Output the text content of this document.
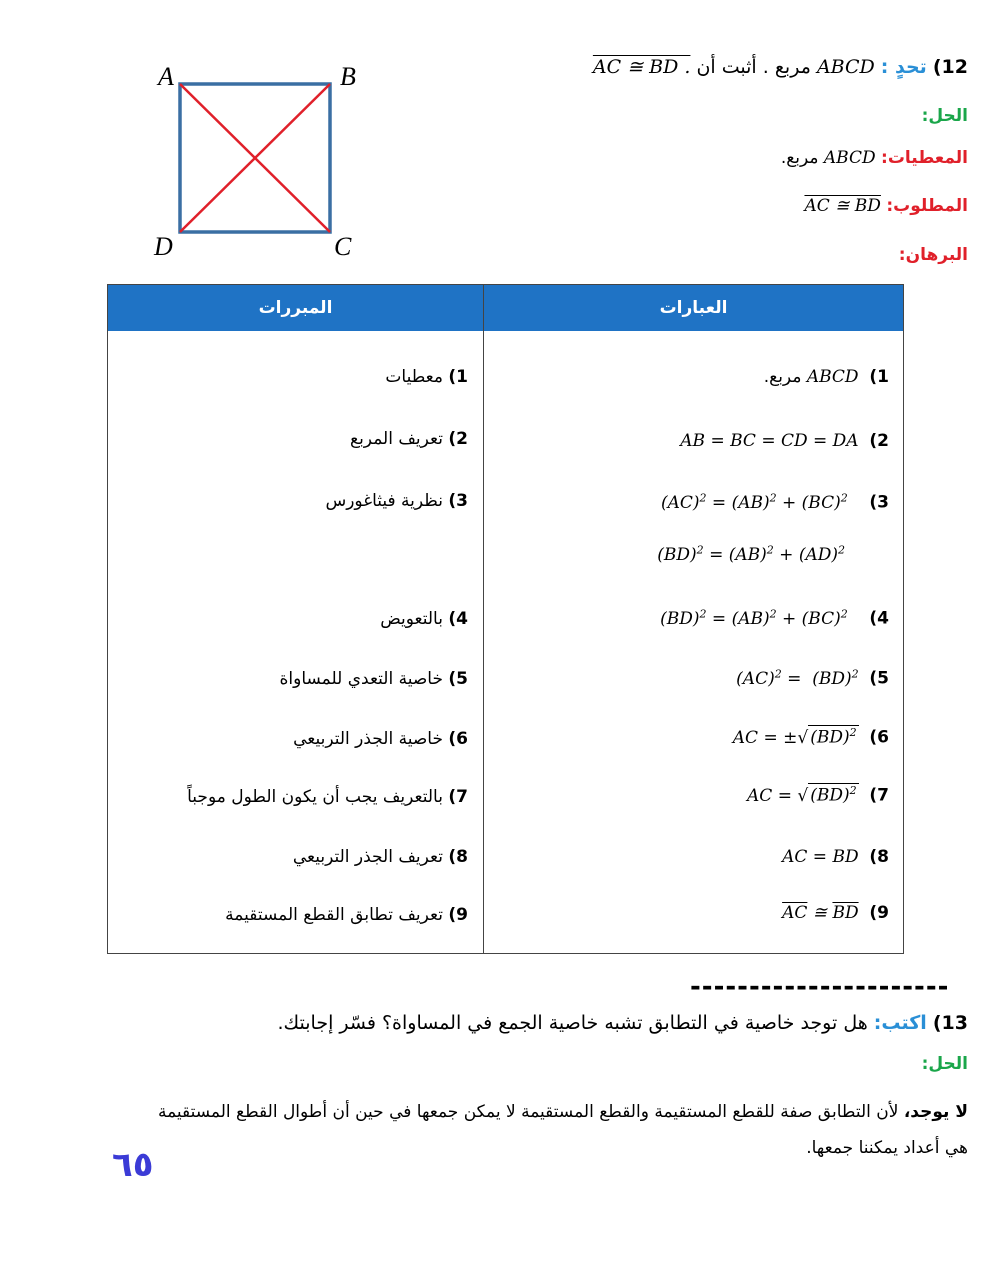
A	B
C
D
12) تحدٍ : ABCD مربع . أثبت أن AC ≅ BD .
الحل:
المعطيات: ABCD مربع.
المطلوب: AC ≅ BD
البرهان:
المبررات	العبارات
1)  ABCD مربع.
1) معطيات
AB = BC = CD = DA (2
2) تعريف المربع
(AC)$^2$ = (AB)$^2$ + (BC)$^2$ (3
(BD)$^2$ = (AB)$^2$ + (AD)$^2$
3) نظرية فيثاغورس
(BD)$^2$ = (AB)$^2$ + (BC)$^2$ (4
4) بالتعويض
(AC)$^2$ =  (BD)$^2$ (5
5) خاصية التعدي للمساواة
AC = ±√ (BD)$^2$ (6
6) خاصية الجذر التربيعي
AC = √ (BD)$^2$ (7
7) بالتعريف يجب أن يكون الطول موجباً
AC = BD (8
8) تعريف الجذر التربيعي
$\overline{AC}$ ≅ $\overline{BD}$ (9
9) تعريف تطابق القطع المستقيمة
----------------------
13) اكتب: هل توجد خاصية في التطابق تشبه خاصية الجمع في المساواة؟ فسّر إجابتك.
الحل:
لا يوجد، لأن التطابق صفة للقطع المستقيمة والقطع المستقيمة لا يمكن جمعها في حين أن أطوال القطع المستقيمة
هي أعداد يمكننا جمعها.
٦٥
